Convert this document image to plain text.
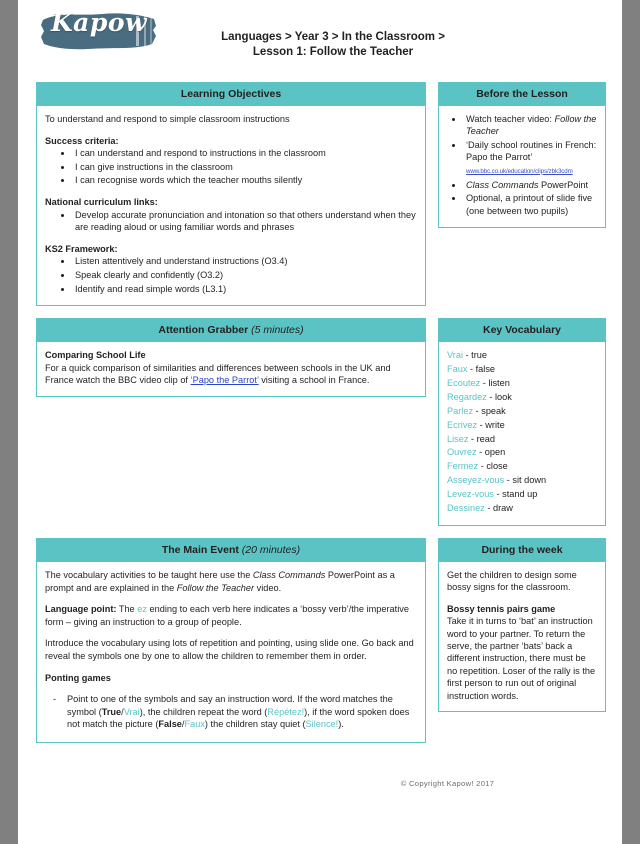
Kapow	Languages > Year 3 > In the Classroom >
Lesson 1: Follow the Teacher
Learning Objectives

To understand and respond to simple classroom instructions

Success criteria:

• I can understand and respond to instructions in the classroom
• I can give instructions in the classroom
• I can recognise words which the teacher mouths silently

National curriculum links:

• Develop accurate pronunciation and intonation so that others understand when they are reading aloud or using familiar words and phrases

KS2 Framework:

• Listen attentively and understand instructions (O3.4)
• Speak clearly and confidently (O3.2)
• Identify and read simple words (L3.1)
Before the Lesson
• Watch teacher video: Follow the Teacher
• ‘Daily school routines in French:
Papo the Parrot’
www.bbc.co.uk/education/clips/zbk3cdm
• Class Commands PowerPoint
• Optional, a printout of slide five (one between two pupils)
Attention Grabber (5 minutes)

Comparing School Life

For a quick comparison of similarities and differences between schools in the UK and France watch the BBC video clip of ‘Papo the Parrot’ visiting a school in France.

Key Vocabulary
Vrai - true
Faux - false
Ecoutez - listen
Regardez - look
Parlez - speak
Ecrivez - write
Lisez - read
Ouvrez - open
Fermez - close
Asseyez-vous - sit down
Levez-vous - stand up
Dessinez - draw
The Main Event (20 minutes)

The vocabulary activities to be taught here use the Class Commands PowerPoint as a prompt and are explained in the Follow the Teacher video.

Language point: The ez ending to each verb here indicates a ‘bossy verb’/the imperative form – giving an instruction to a group of people.

Introduce the vocabulary using lots of repetition and pointing, using slide one. Go back and reveal the symbols one by one to allow the children to remember them in order.

Ponting games

- Point to one of the symbols and say an instruction word. If the word matches the symbol (True/Vrai), the children repeat the word (Répétez!), if the word spoken does not match the picture (False/Faux) the children stay quiet (Silence!).
During the week

Get the children to design some bossy signs for the classroom.

Bossy tennis pairs game

Take it in turns to ‘bat’ an instruction word to your partner. To return the serve, the partner ‘bats’ back a different instruction, there must be no repetition. Loser of the rally is the first person to run out of original instruction words.

© Copyright Kapow! 2017
